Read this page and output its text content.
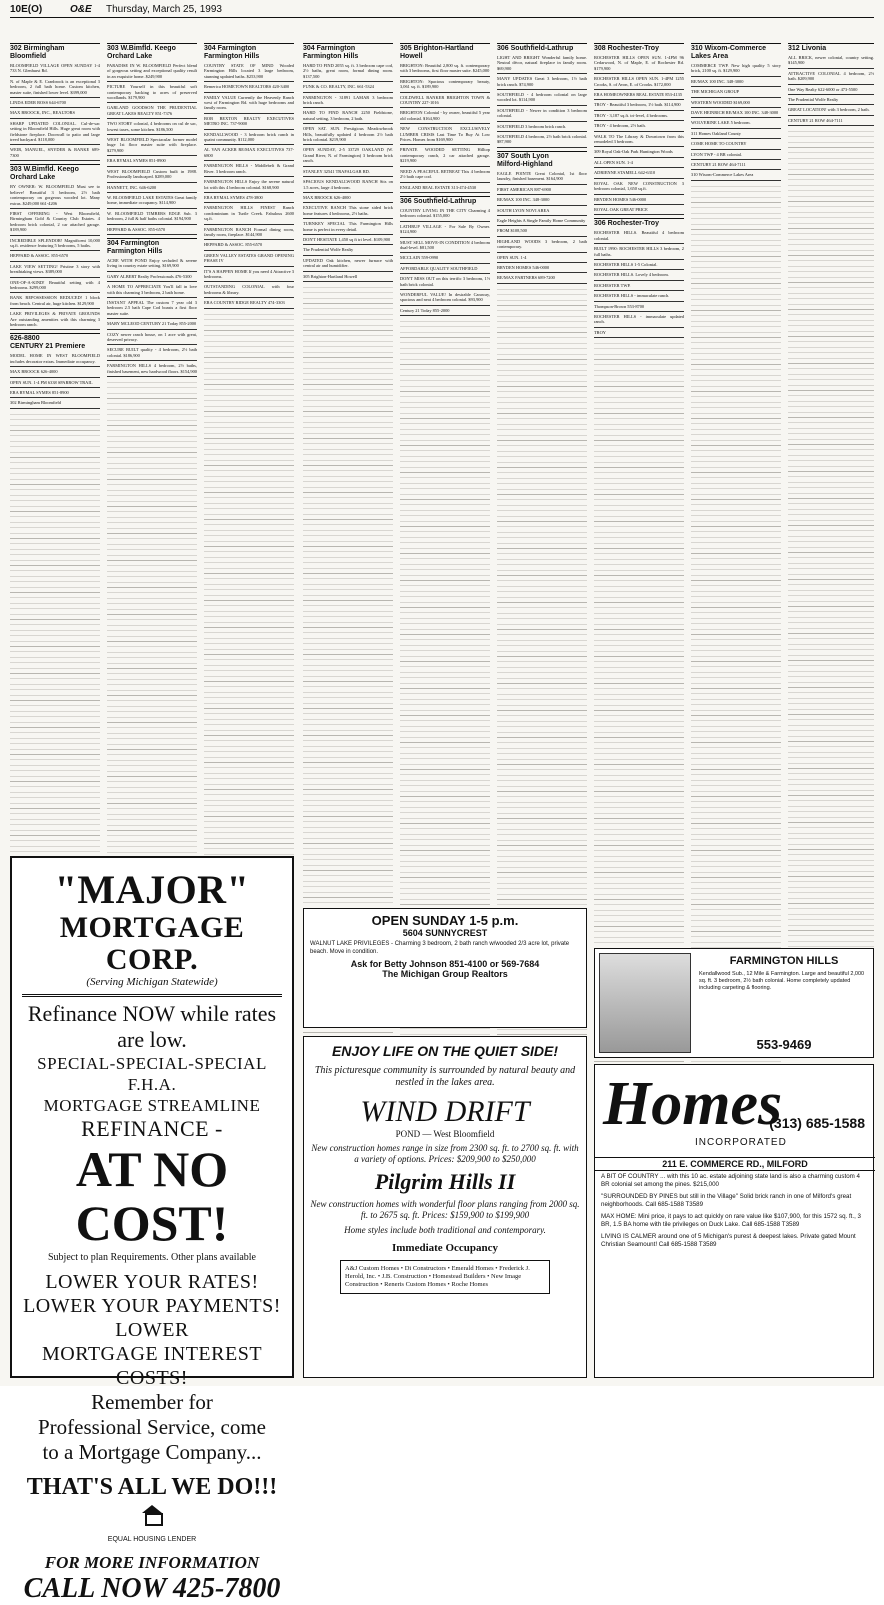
10E(O)	O&E Thursday, March 25, 1993
302 Birmingham
Bloomfield

BLOOMFIELD VILLAGE OPEN SUNDAY 1-4 733 N. Glenhurst Rd.

N. of Maple & E. Cranbrook is an exceptional 3 bedroom, 2 full bath home. Custom kitchen, master suite, finished lower level. $399,000

LINDA EDER ROSS 644-6700

MAX BROOCK, INC., REALTORS

SHARP UPDATED COLONIAL. Cul-de-sac setting in Bloomfield Hills. Huge great room with fieldstone fireplace. Doorwall to patio and large treed backyard. $118,000

WEIR, MANUEL, SNYDER & RANKE 689-7300

303 W.Bimfld. Keego
Orchard Lake

BY OWNER: W. BLOOMFIELD Must see to believe! Beautiful 3 bedroom, 2½ bath contemporary on gorgeous wooded lot. Many extras. $249,000 661-4206

FIRST OFFERING - West Bloomfield, Birmingham Gold & Country Club Estates. 4 bedroom brick colonial, 2 car attached garage. $189,900

INCREDIBLE SPLENDOR! Magnificent 10,000 sq.ft. residence featuring 5 bedrooms, 5 baths.

HEPPARD & ASSOC. 855-6570

LAKE VIEW SETTING! Pristine 3 story with breathtaking views. $389,000

ONE-OF-A-KIND! Beautiful setting with 4 bedrooms. $299,000

BANK REPOSSESSION REDUCED! 1 block from beach. Central air, huge kitchen. $129,900

LAKE PRIVILEGES & PRIVATE GROUNDS Are outstanding amenities with this charming 3 bedroom ranch.

626-8800
CENTURY 21 Premiere

MODEL HOME IN WEST BLOOMFIELD includes decorator extras. Immediate occupancy.

MAX BROOCK 626-4000

OPEN SUN. 1-4 PM 6338 SPARROW TRAIL

ERA RYMAL SYMES 851-8900

302 Birmingham Bloomfield

303 W.Bimfld. Keego
Orchard Lake

PARADISE IN W. BLOOMFIELD Perfect blend of gorgeous setting and exceptional quality result in an exquisite home. $249,900

PICTURE Yourself in this beautiful soft contemporary backing to acres of preserved woodlands. $179,900

GARLAND GOODSON THE PRUDENTIAL GREAT LAKES REALTY 851-7376

TWO STORY colonial, 4 bedrooms on cul de sac, lowest taxes, some kitchen. $186,500

WEST BLOOMFIELD Spectacular former model huge 1st floor master suite with fireplace. $279,900

ERA RYMAL SYMES 851-8900

WEST BLOOMFIELD Custom built in 1988. Professionally landscaped. $289,000

HANNETT, INC. 646-6200

W. BLOOMFIELD LAKE ESTATES Great family home, immediate occupancy. $114,900

W. BLOOMFIELD TIMBERS EDGE Sub. 3 bedroom, 2 full & half baths colonial. $194,900

HEPPARD & ASSOC. 855-6570

304 Farmington
Farmington Hills

ACRE WITH POND Enjoy secluded & serene living in country estate setting. $169,900

GARY ALBERT Realty Professionals 476-5300

A HOME TO APPRECIATE You'll fall in love with this charming 3 bedroom, 2 bath home.

INSTANT APPEAL The custom 7 year old 3 bedroom 2.5 bath Cape Cod boasts a first floor master suite.

MARY MCLEOD CENTURY 21 Today 855-2000

COZY newer ranch house, on 1 acre with great, deserved privacy.

SECURE BUILT quality - 4 bedroom, 2½ bath colonial. $186,900

FARMINGTON HILLS 4 bedroom, 2½ baths, finished basement, new hardwood floors. $154,900

304 Farmington
Farmington Hills

COUNTRY STATE OF MIND Wooded Farmington Hills located 3 large bedroom, stunning updated baths. $253,900

Remerica HOMETOWN REALTORS 420-3400

FAMILY VALUE Currently the Heavenly Ranch west of Farmington Rd. with huge bedrooms and family room.

BOB BEXTON REALTY EXECUTIVES METRO INC. 737-9000

KENDALLWOOD - 3 bedroom brick ranch in quaint community. $112,000

AL VAN ACKER RE/MAX EXECUTIVES 737-6800

FARMINGTON HILLS - Middlebelt & Grand River. 3 bedroom ranch.

FARMINGTON HILLS Enjoy the serene natural lot with this 4 bedroom colonial. $168,900

ERA RYMAL SYMES 478-3800

FARMINGTON HILLS FINEST Ranch condominium in Turtle Creek. Fabulous 2600 sq.ft.

FARMINGTON RANCH Formal dining room, family room, fireplace. $144,900

HEPPARD & ASSOC. 855-6570

GREEN VALLEY ESTATES GRAND OPENING PHASE IV

IT'S A HAPPEN HOME If you need 4 Attractive 3 bedrooms.

OUTSTANDING COLONIAL with four bedrooms & library.

ERA COUNTRY RIDGE REALTY 474-3303

304 Farmington
Farmington Hills

HARD TO FIND 2055 sq. ft. 3 bedroom cape cod, 2½ baths, great room, formal dining room. $137,500

FUNK & CO. REALTY, INC. 661-5324

FARMINGTON - 31891 LAMAR 3 bedroom brick ranch.

HARD TO FIND RANCH 2250 Fieldstone, natural setting, 3 bedroom, 2 bath.

OPEN SAT. SUN. Prestigious Meadowbrook Hills, beautifully updated 4 bedroom 2½ bath brick colonial. $219,900

OPEN SUNDAY, 2-5 33729 OAKLAND (W. Grand River, N. of Farmington) 3 bedroom brick ranch.

STANLEY 32541 TRAFALGAR RD.

SPACIOUS KENDALLWOOD RANCH Sits on 1.5 acres, large 4 bedroom.

MAX BROOCK 626-4000

EXECUTIVE RANCH This stone sided brick home features 4 bedrooms, 2½ baths.

TURNKEY SPECIAL This Farmington Hills home is perfect in every detail.

DON'T HESITATE 1,450 sq ft tri level. $109,900

The Prudential Wolfe Realty

UPDATED Oak kitchen, newer furnace with central air and humidifier.

305 Brighton-Hartland Howell

305 Brighton-Hartland
Howell

BRIGHTON: Beautiful 2,800 sq. ft. contemporary with 3 bedrooms, first floor master suite. $245,000

BRIGHTON: Spacious contemporary beauty, 3,061 sq. ft. $189,900

COLDWELL BANKER BRIGHTON TOWN & COUNTRY 227-1016

BRIGHTON Colonial - by owner, beautiful 5 year old colonial. $164,900

NEW CONSTRUCTION EXCLUSIVELY LUMBER CRISIS Last Time To Buy At Low Prices. Homes from $169,900

PRIVATE WOODED SETTING Hilltop contemporary ranch, 2 car attached garage. $219,900

NEED A PEACEFUL RETREAT This 4 bedroom 2½ bath cape cod.

ENGLAND REAL ESTATE 313-474-4530

306 Southfield-Lathrup

COUNTRY LIVING IN THE CITY Charming 4 bedroom colonial. $155,000

LATHRUP VILLAGE - For Sale By Owner. $124,900

MUST SELL MOVE-IN CONDITION 4 bedroom dual-level. $81,500

MCCLAIN 559-0990

AFFORDABLE QUALITY SOUTHFIELD

DON'T MISS OUT on this terrific 3 bedroom, 1½ bath brick colonial.

WONDERFUL VALUE! In desirable Caraway, spacious and neat 4 bedroom colonial. $93,900

Century 21 Today 855-2000

306 Southfield-Lathrup

LIGHT AND BRIGHT Wonderful family home. Neutral décor, natural fireplace in family room. $69,900

MANY UPDATES Great 3 bedroom, 1½ bath brick ranch. $74,900

SOUTHFIELD - 4 bedroom colonial on large wooded lot. $114,900

SOUTHFIELD - Newer in condition 3 bedroom colonial.

SOUTHFIELD 3 bedroom brick ranch.

SOUTHFIELD 4 bedroom, 2½ bath brick colonial. $87,900

307 South Lyon
Milford-Highland

EAGLE POINTE Great Colonial, 1st floor laundry, finished basement. $164,900

FIRST AMERICAN 887-6900

RE/MAX 100 INC. 348-3000

SOUTH LYON NOVI AREA

Eagle Heights A Single Family Home Community

FROM $108,500

HIGHLAND WOODS 3 bedroom, 2 bath contemporary.

OPEN SUN. 1-4

BRYDEN HOMES 546-0000

RE/MAX PARTNERS 689-7200

308 Rochester-Troy

ROCHESTER HILLS OPEN SUN. 1-4PM 96 Cedarwood, N. of Maple, E. of Rochester Rd. $179,900

ROCHESTER HILLS OPEN SUN. 1-4PM 1255 Crooks, S. of Avon, E. of Crooks. $172,000

ERA HOMEOWNERS REAL ESTATE 853-4135

TROY - Beautiful 3 bedroom, 1½ bath. $114,900

TROY - 3,187 sq.ft. tri-level, 4 bedrooms.

TROY - 4 bedroom, 2½ bath.

WALK TO The Library & Downtown from this remodeled 3 bedroom.

309 Royal Oak-Oak Park Huntington Woods

ALL OPEN SUN. 1-4

ADRIENNE STAMELL 642-6310

ROYAL OAK NEW CONSTRUCTION 3 bedroom colonial, 1,650 sq.ft.

BRYDEN HOMES 546-0000

ROYAL OAK GREAT PRICE

306 Rochester-Troy

ROCHESTER HILLS. Beautiful 4 bedroom colonial.

BUILT 1990: ROCHESTER HILLS 3 bedroom, 2 full baths.

ROCHESTER HILLS 1-5 Colonial.

ROCHESTER HILLS. Lovely 4 bedroom.

ROCHESTER TWP.

ROCHESTER HILLS - immaculate ranch.

Thompson-Brown 553-8700

ROCHESTER HILLS - immaculate updated ranch.

TROY

310 Wixom-Commerce
Lakes Area

COMMERCE TWP. New high quality 5 story brick, 2100 sq. ft. $129,900

RE/MAX 100 INC. 348-3000

THE MICHIGAN GROUP

WESTERN WOODED $169,000

DAVE HEINRICH RE/MAX 100 INC. 348-3000

WOLVERINE LAKE 5 bedroom.

311 Homes Oakland County

COME HOME TO COUNTRY

LYON TWP - 4 BR colonial.

CENTURY 21 ROW 464-7111

310 Wixom-Commerce Lakes Area

312 Livonia

ALL BRICK, newer colonial, country setting. $145,900

ATTRACTIVE COLONIAL 4 bedroom, 2½ bath. $209,900

One Way Realty 622-6000 or 473-5500

The Prudential Wolfe Realty

GREAT LOCATION! with 3 bedroom, 2 bath.

CENTURY 21 ROW 464-7111

"MAJOR"
MORTGAGE CORP.
(Serving Michigan Statewide)
Refinance NOW while rates
are low.
SPECIAL-SPECIAL-SPECIAL
F.H.A.
MORTGAGE STREAMLINE
REFINANCE -
AT NO COST!
Subject to plan Requirements. Other plans available
LOWER YOUR RATES!
LOWER YOUR PAYMENTS!
LOWER
MORTGAGE INTEREST COSTS!
Remember for
Professional Service, come
to a Mortgage Company...
THAT'S ALL WE DO!!!
EQUAL HOUSING LENDER
FOR MORE INFORMATION
CALL NOW 425-7800
OPEN SUNDAY 1-5 p.m.
5604 SUNNYCREST
WALNUT LAKE PRIVILEGES - Charming 3 bedroom, 2 bath ranch w/wooded 2/3 acre lot, private beach. Move in condition.
Ask for Betty Johnson 851-4100 or 569-7684
The Michigan Group Realtors
ENJOY LIFE ON THE QUIET SIDE!
This picturesque community is surrounded by natural beauty and nestled in the lakes area.
WIND DRIFT
POND — West Bloomfield
New construction homes range in size from 2300 sq. ft. to 2700 sq. ft. with a variety of options. Prices: $209,900 to $250,000
Pilgrim Hills II
New construction homes with wonderful floor plans ranging from 2000 sq. ft. to 2675 sq. ft. Prices: $159,900 to $199,900
Home styles include both traditional and contemporary.
Immediate Occupancy
A&J Custom Homes • Di Constructors • Emerald Homes • Frederick J. Herold, Inc. • J.B. Construction • Homestead Builders • New Image Construction • Reneris Custom Homes • Roche Homes
FARMINGTON HILLS
Kendallwood Sub., 12 Mile & Farmington. Large and beautiful 2,000 sq. ft. 3 bedroom, 2½ bath colonial. Home completely updated including carpeting & flooring.
553-9469
Homes
INCORPORATED
(313) 685-1588
211 E. COMMERCE RD., MILFORD

A BIT OF COUNTRY ... with this 10 ac. estate adjoining state land is also a charming custom 4 BR colonial set among the pines. $215,000

"SURROUNDED BY PINES but still in the Village" Solid brick ranch in one of Milford's great neighborhoods. Call 685-1588 T3589

MAX HOME: Mini price, it pays to act quickly on rare value like $107,900, for this 1572 sq. ft., 3 BR, 1.5 BA home with tile privileges on Duck Lake. Call 685-1588 T3589

LIVING IS CALMER around one of 5 Michigan's purest & deepest lakes. Private gated Mount Christian Seamount! Call 685-1588 T3589
